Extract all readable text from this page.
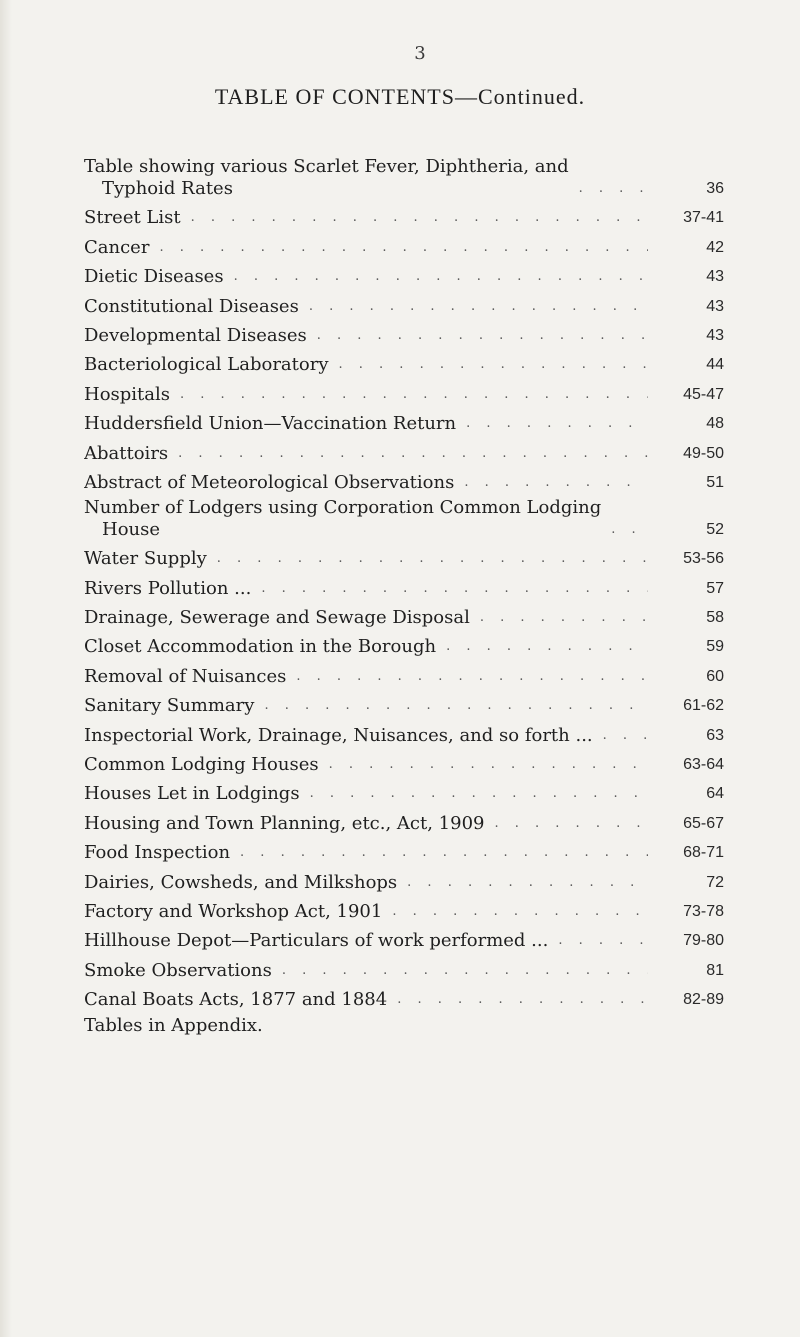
3
TABLE OF CONTENTS—Continued.
Table showing various Scarlet Fever, Diphtheria, and
Typhoid Rates . . .	36
Street List . . .	37-41
Cancer . . .	42
Dietic Diseases . . .	43
Constitutional Diseases . . .	43
Developmental Diseases . . .	43
Bacteriological Laboratory . . .	44
Hospitals . . .	45-47
Huddersfield Union—Vaccination Return . . .	48
Abattoirs . . .	49-50
Abstract of Meteorological Observations . . .	51
Number of Lodgers using Corporation Common Lodging
House . . .	52
Water Supply . . .	53-56
Rivers Pollution ... . . .	57
Drainage, Sewerage and Sewage Disposal . . .	58
Closet Accommodation in the Borough . . .	59
Removal of Nuisances . . .	60
Sanitary Summary . . .	61-62
Inspectorial Work, Drainage, Nuisances, and so forth ... . . .	63
Common Lodging Houses . . .	63-64
Houses Let in Lodgings . . .	64
Housing and Town Planning, etc., Act, 1909 . . .	65-67
Food Inspection . . .	68-71
Dairies, Cowsheds, and Milkshops . . .	72
Factory and Workshop Act, 1901 . . .	73-78
Hillhouse Depot—Particulars of work performed ... . . .	79-80
Smoke Observations . . .	81
Canal Boats Acts, 1877 and 1884 . . .	82-89
Tables in Appendix.
